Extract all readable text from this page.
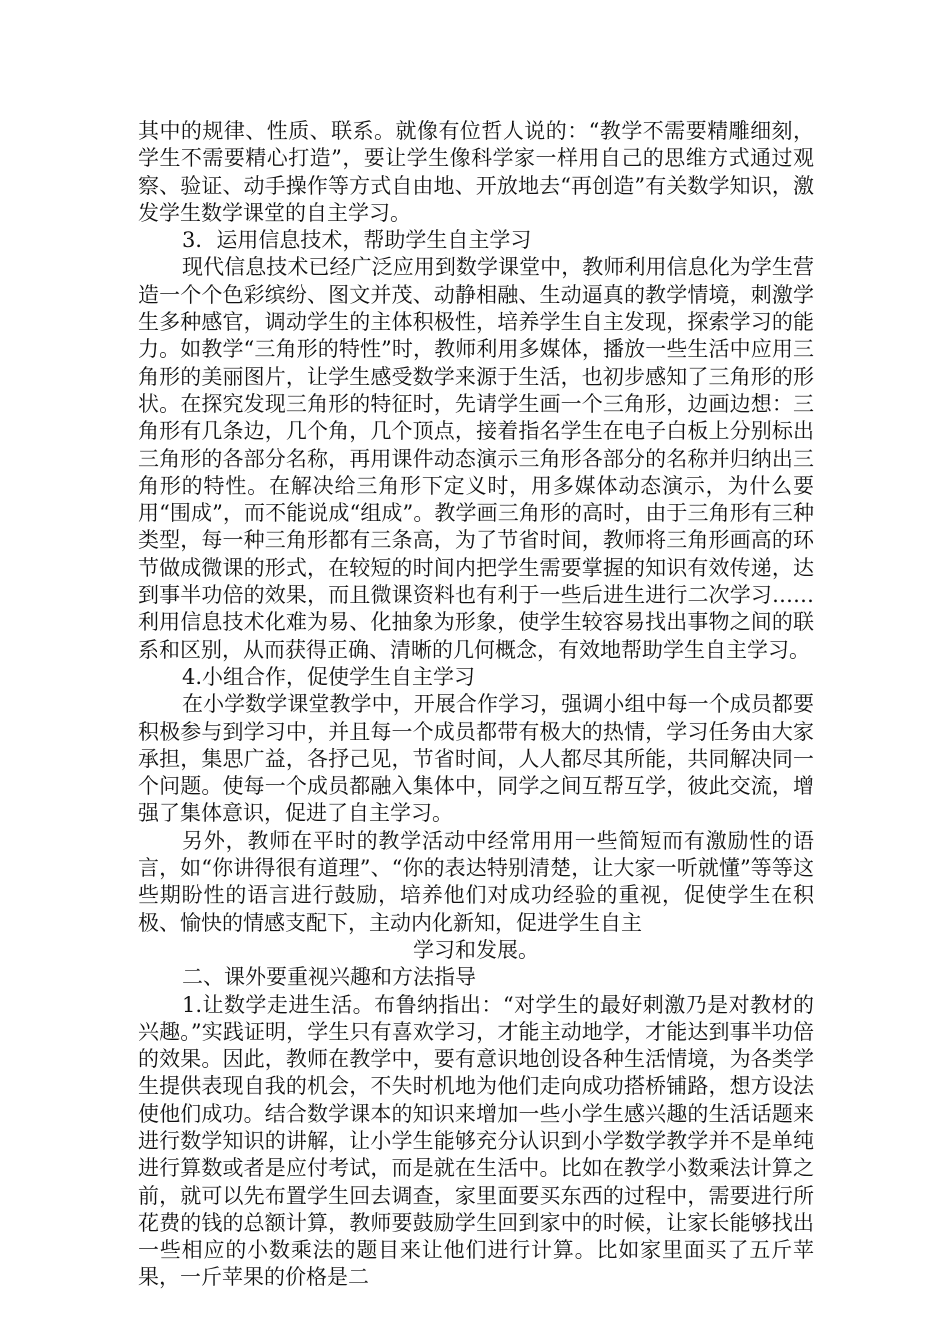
其中的规律、性质、联系。就像有位哲人说的：“教学不需要精雕细刻，学生不需要精心打造”，要让学生像科学家一样用自己的思维方式通过观察、验证、动手操作等方式自由地、开放地去“再创造”有关数学知识，激发学生数学课堂的自主学习。

3．运用信息技术，帮助学生自主学习

现代信息技术已经广泛应用到数学课堂中，教师利用信息化为学生营造一个个色彩缤纷、图文并茂、动静相融、生动逼真的教学情境，刺激学生多种感官，调动学生的主体积极性，培养学生自主发现，探索学习的能力。如教学“三角形的特性”时，教师利用多媒体，播放一些生活中应用三角形的美丽图片，让学生感受数学来源于生活，也初步感知了三角形的形状。在探究发现三角形的特征时，先请学生画一个三角形，边画边想：三角形有几条边，几个角，几个顶点，接着指名学生在电子白板上分别标出三角形的各部分名称，再用课件动态演示三角形各部分的名称并归纳出三角形的特性。在解决给三角形下定义时，用多媒体动态演示，为什么要用“围成”，而不能说成“组成”。教学画三角形的高时，由于三角形有三种类型，每一种三角形都有三条高，为了节省时间，教师将三角形画高的环节做成微课的形式，在较短的时间内把学生需要掌握的知识有效传递，达到事半功倍的效果，而且微课资料也有利于一些后进生进行二次学习……利用信息技术化难为易、化抽象为形象，使学生较容易找出事物之间的联系和区别，从而获得正确、清晰的几何概念，有效地帮助学生自主学习。

4.小组合作，促使学生自主学习

在小学数学课堂教学中，开展合作学习，强调小组中每一个成员都要积极参与到学习中，并且每一个成员都带有极大的热情，学习任务由大家承担，集思广益，各抒己见，节省时间，人人都尽其所能，共同解决同一个问题。使每一个成员都融入集体中，同学之间互帮互学，彼此交流，增强了集体意识，促进了自主学习。

另外，教师在平时的教学活动中经常用用一些简短而有激励性的语言，如“你讲得很有道理”、“你的表达特别清楚，让大家一听就懂”等等这些期盼性的语言进行鼓励，培养他们对成功经验的重视，促使学生在积极、愉快的情感支配下，主动内化新知，促进学生自主

学习和发展。

二、课外要重视兴趣和方法指导

1.让数学走进生活。布鲁纳指出：“对学生的最好刺激乃是对教材的兴趣。”实践证明，学生只有喜欢学习，才能主动地学，才能达到事半功倍的效果。因此，教师在教学中，要有意识地创设各种生活情境，为各类学生提供表现自我的机会，不失时机地为他们走向成功搭桥铺路，想方设法使他们成功。结合数学课本的知识来增加一些小学生感兴趣的生活话题来进行数学知识的讲解，让小学生能够充分认识到小学数学教学并不是单纯进行算数或者是应付考试，而是就在生活中。比如在教学小数乘法计算之前，就可以先布置学生回去调查，家里面要买东西的过程中，需要进行所花费的钱的总额计算，教师要鼓励学生回到家中的时候，让家长能够找出一些相应的小数乘法的题目来让他们进行计算。比如家里面买了五斤苹果，一斤苹果的价格是二
